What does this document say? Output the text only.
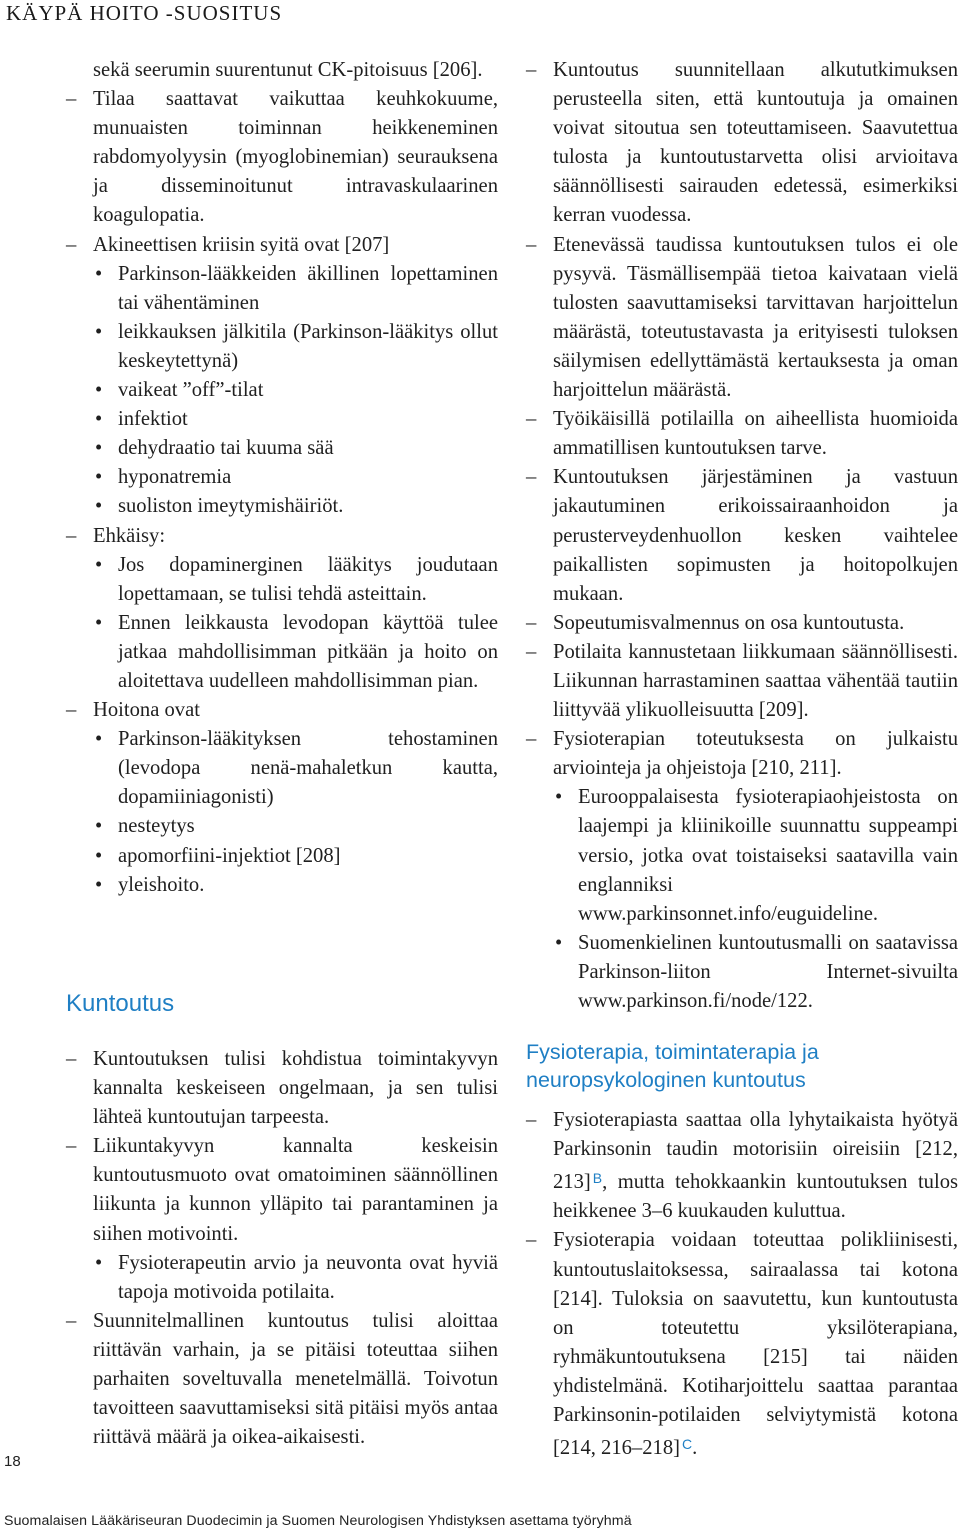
KÄYPÄ HOITO -SUOSITUS
sekä seerumin suurentunut CK-pitoisuus [206].
– Tilaa saattavat vaikuttaa keuhkokuume, munuaisten toiminnan heikkeneminen rabdomyolyysin (myoglobinemian) seurauksena ja disseminoitunut intravaskulaarinen koagulopatia.
– Akineettisen kriisin syitä ovat [207]
• Parkinson-lääkkeiden äkillinen lopettaminen tai vähentäminen
• leikkauksen jälkitila (Parkinson-lääkitys ollut keskeytettynä)
• vaikeat ”off”-tilat
• infektiot
• dehydraatio tai kuuma sää
• hyponatremia
• suoliston imeytymishäiriöt.
– Ehkäisy:
• Jos dopaminerginen lääkitys joudutaan lopettamaan, se tulisi tehdä asteittain.
• Ennen leikkausta levodopan käyttöä tulee jatkaa mahdollisimman pitkään ja hoito on aloitettava uudelleen mahdollisimman pian.
– Hoitona ovat
• Parkinson-lääkityksen tehostaminen (levodopa nenä-mahaletkun kautta, dopamiiniagonisti)
• nesteytys
• apomorfiini-injektiot [208]
• yleishoito.
Kuntoutus
– Kuntoutuksen tulisi kohdistua toimintakyvyn kannalta keskeiseen ongelmaan, ja sen tulisi lähteä kuntoutujan tarpeesta.
– Liikuntakyvyn kannalta keskeisin kuntoutusmuoto ovat omatoiminen säännöllinen liikunta ja kunnon ylläpito tai parantaminen ja siihen motivointi.
• Fysioterapeutin arvio ja neuvonta ovat hyviä tapoja motivoida potilaita.
– Suunnitelmallinen kuntoutus tulisi aloittaa riittävän varhain, ja se pitäisi toteuttaa siihen parhaiten soveltuvalla menetelmällä. Toivotun tavoitteen saavuttamiseksi sitä pitäisi myös antaa riittävä määrä ja oikea-aikaisesti.
– Kuntoutus suunnitellaan alkututkimuksen perusteella siten, että kuntoutuja ja omainen voivat sitoutua sen toteuttamiseen. Saavutettua tulosta ja kuntoutustarvetta olisi arvioitava säännöllisesti sairauden edetessä, esimerkiksi kerran vuodessa.
– Etenevässä taudissa kuntoutuksen tulos ei ole pysyvä. Täsmällisempää tietoa kaivataan vielä tulosten saavuttamiseksi tarvittavan harjoittelun määrästä, toteutustavasta ja erityisesti tuloksen säilymisen edellyttämästä kertauksesta ja oman harjoittelun määrästä.
– Työikäisillä potilailla on aiheellista huomioida ammatillisen kuntoutuksen tarve.
– Kuntoutuksen järjestäminen ja vastuun jakautuminen erikoissairaanhoidon ja perusterveydenhuollon kesken vaihtelee paikallisten sopimusten ja hoitopolkujen mukaan.
– Sopeutumisvalmennus on osa kuntoutusta.
– Potilaita kannustetaan liikkumaan säännöllisesti. Liikunnan harrastaminen saattaa vähentää tautiin liittyvää ylikuolleisuutta [209].
– Fysioterapian toteutuksesta on julkaistu arviointeja ja ohjeistoja [210, 211].
• Eurooppalaisesta fysioterapiaohjeistosta on laajempi ja kliinikoille suunnattu suppeampi versio, jotka ovat toistaiseksi saatavilla vain englanniksi www.parkinsonnet.info/euguideline.
• Suomenkielinen kuntoutusmalli on saatavissa Parkinson-liiton Internet-sivuilta www.parkinson.fi/node/122.
Fysioterapia, toimintaterapia ja neuropsykologinen kuntoutus
– Fysioterapiasta saattaa olla lyhytaikaista hyötyä Parkinsonin taudin motorisiin oireisiin [212, 213] $^B$, mutta tehokkaankin kuntoutuksen tulos heikkenee 3–6 kuukauden kuluttua.
– Fysioterapia voidaan toteuttaa polikliinisesti, kuntoutuslaitoksessa, sairaalassa tai kotona [214]. Tuloksia on saavutettu, kun kuntoutusta on toteutettu yksilöterapiana, ryhmäkuntoutuksena [215] tai näiden yhdistelmänä. Kotiharjoittelu saattaa parantaa Parkinsonin-potilaiden selviytymistä kotona [214, 216–218] $^C$.
18
Suomalaisen Lääkäriseuran Duodecimin ja Suomen Neurologisen Yhdistyksen asettama työryhmä
